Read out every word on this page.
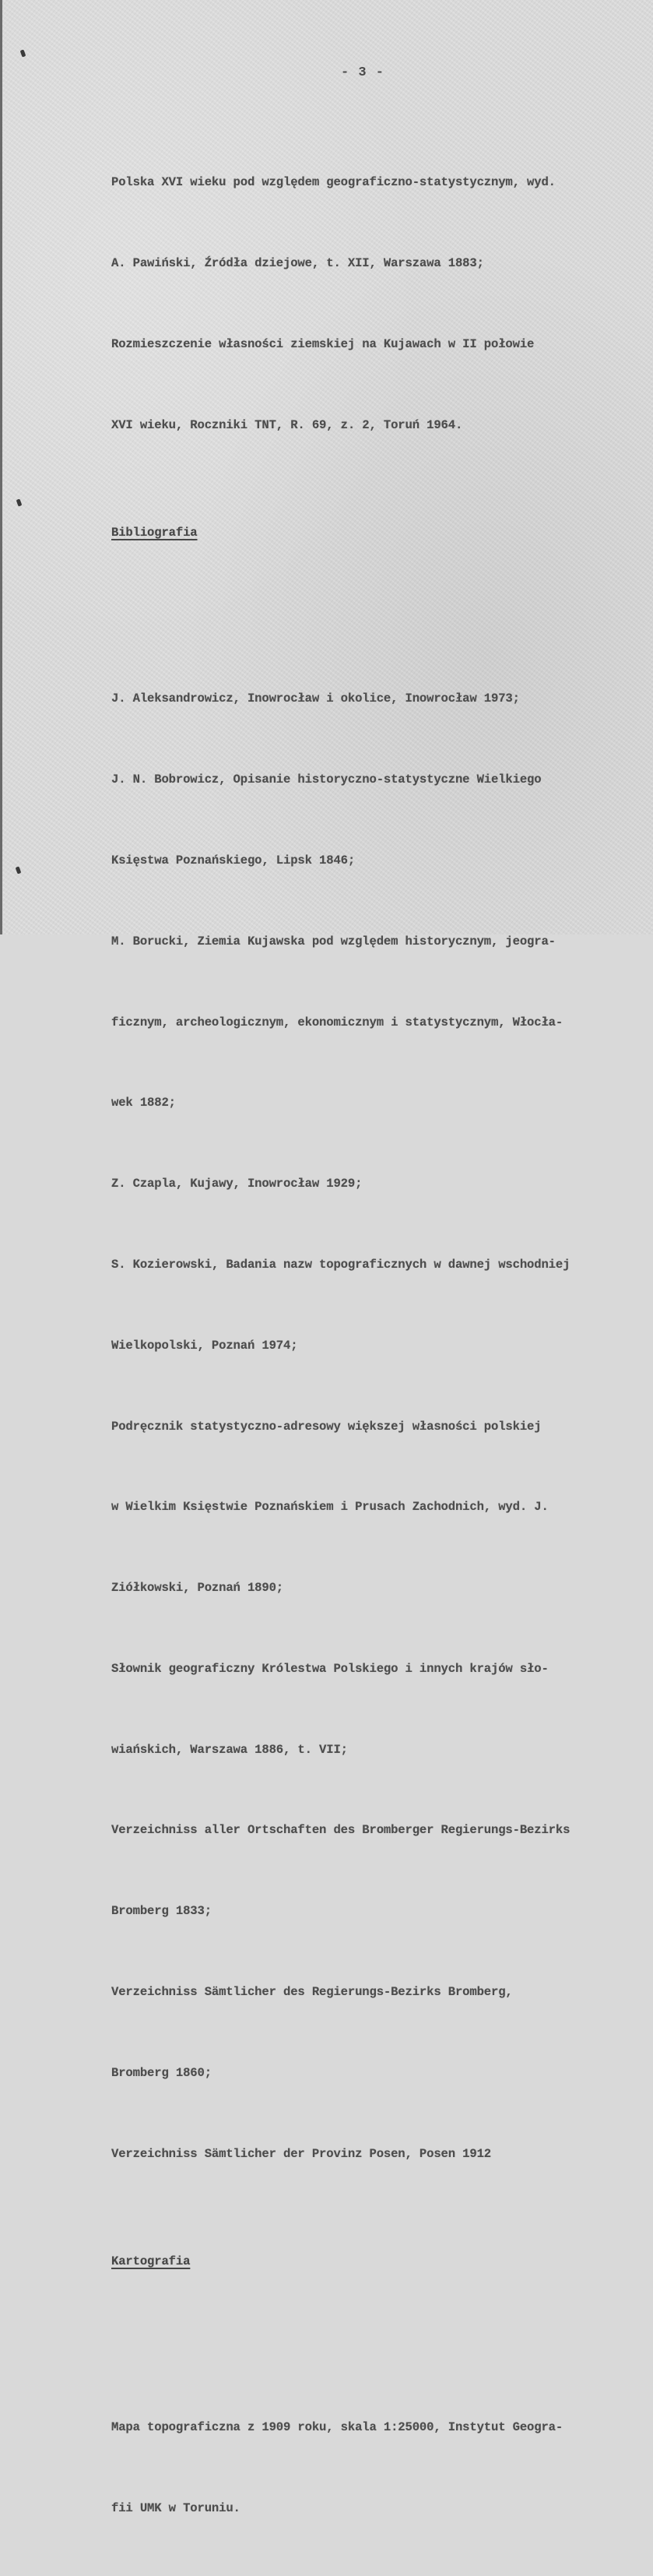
- 3 -

Polska XVI wieku pod względem geograficzno-statystycznym, wyd.

A. Pawiński, Źródła dziejowe, t. XII, Warszawa 1883;

Rozmieszczenie własności ziemskiej na Kujawach w II połowie

XVI wieku, Roczniki TNT, R. 69, z. 2, Toruń 1964.

Bibliografia

J. Aleksandrowicz, Inowrocław i okolice, Inowrocław 1973;

J. N. Bobrowicz, Opisanie historyczno-statystyczne Wielkiego

Księstwa Poznańskiego, Lipsk 1846;

M. Borucki, Ziemia Kujawska pod względem historycznym, jeogra-

ficznym, archeologicznym, ekonomicznym i statystycznym, Włocła-

wek 1882;

Z. Czapla, Kujawy, Inowrocław 1929;

S. Kozierowski, Badania nazw topograficznych w dawnej wschodniej

Wielkopolski, Poznań 1974;

Podręcznik statystyczno-adresowy większej własności polskiej

w Wielkim Księstwie Poznańskiem i Prusach Zachodnich, wyd. J.

Ziółkowski, Poznań 1890;

Słownik geograficzny Królestwa Polskiego i innych krajów sło-

wiańskich, Warszawa 1886, t. VII;

Verzeichniss aller Ortschaften des Bromberger Regierungs-Bezirks

Bromberg 1833;

Verzeichniss Sämtlicher des Regierungs-Bezirks Bromberg,

Bromberg 1860;

Verzeichniss Sämtlicher der Provinz Posen, Posen 1912

Kartografia

Mapa topograficzna z 1909 roku, skala 1:25000, Instytut Geogra-

fii UMK w Toruniu.
